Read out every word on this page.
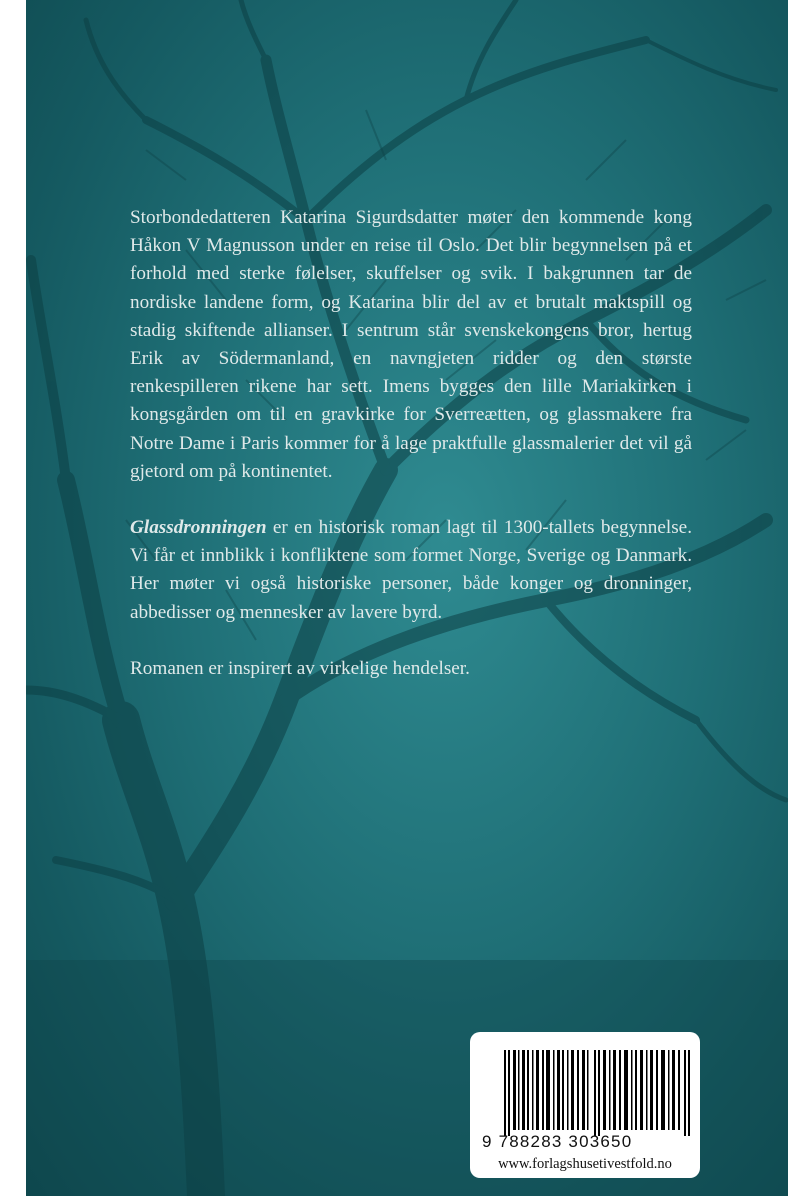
Storbondedatteren Katarina Sigurdsdatter møter den kommende kong Håkon V Magnusson under en reise til Oslo. Det blir begynnelsen på et forhold med sterke følelser, skuffelser og svik. I bakgrunnen tar de nordiske landene form, og Katarina blir del av et brutalt maktspill og stadig skiftende allianser. I sentrum står svenskekongens bror, hertug Erik av Södermanland, en navngjeten ridder og den største renkespilleren rikene har sett. Imens bygges den lille Mariakirken i kongsgården om til en gravkirke for Sverreætten, og glassmakere fra Notre Dame i Paris kommer for å lage praktfulle glassmalerier det vil gå gjetord om på kontinentet.

Glassdronningen er en historisk roman lagt til 1300-tallets begynnelse. Vi får et innblikk i konfliktene som formet Norge, Sverige og Danmark. Her møter vi også historiske personer, både konger og dronninger, abbedisser og mennesker av lavere byrd.

Romanen er inspirert av virkelige hendelser.

9 788283 303650
www.forlagshusetivestfold.no
